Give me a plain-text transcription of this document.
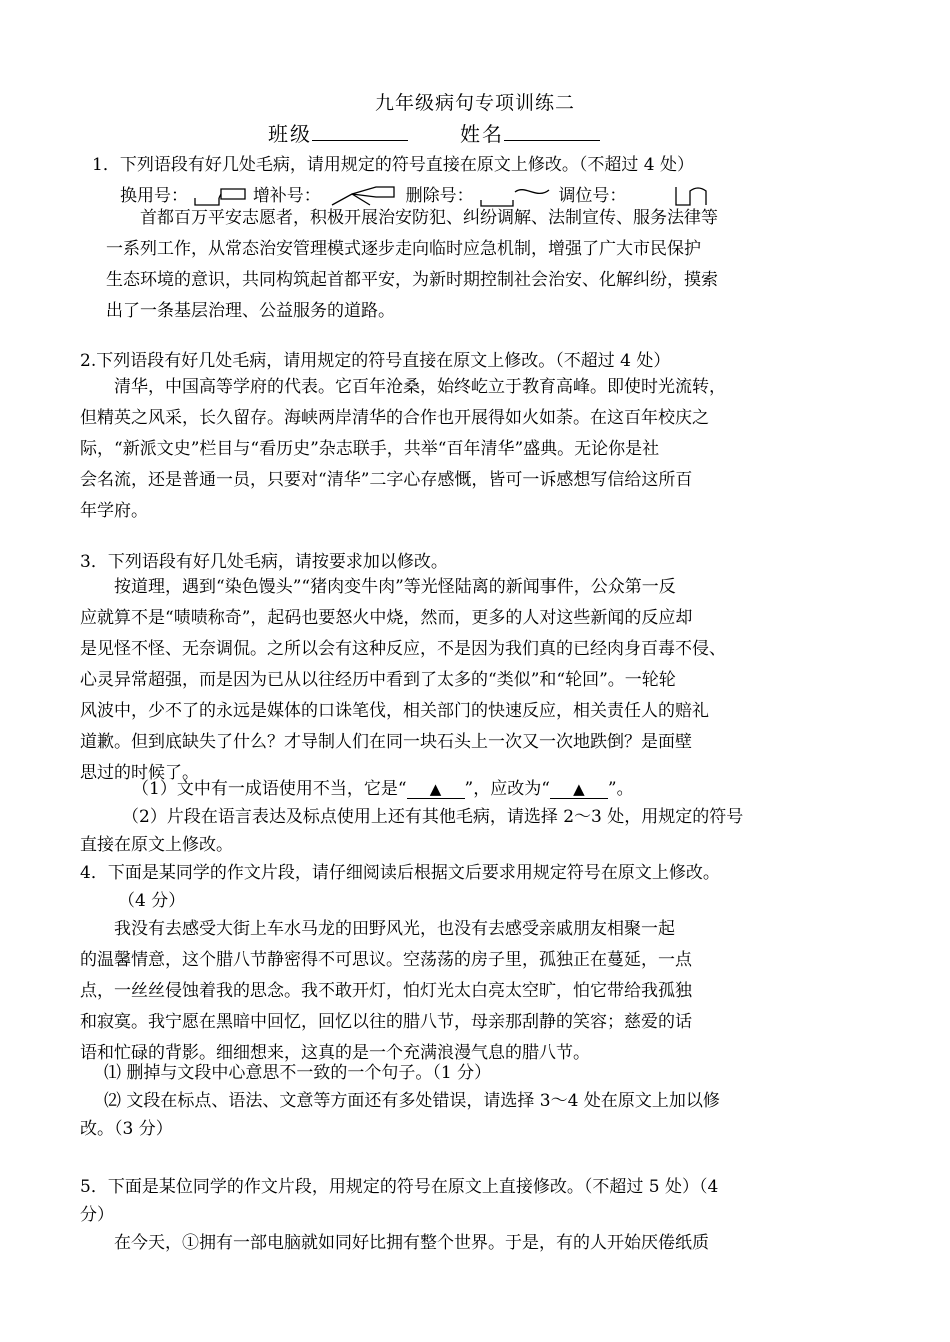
九年级病句专项训练二
班级	姓名
1．下列语段有好几处毛病，请用规定的符号直接在原文上修改。（不超过 4 处）
换用号：	增补号：	删除号：	调位号：
首都百万平安志愿者，积极开展治安防犯、纠纷调解、法制宣传、服务法律等
一系列工作，从常态治安管理模式逐步走向临时应急机制，增强了广大市民保护
生态环境的意识，共同构筑起首都平安，为新时期控制社会治安、化解纠纷，摸索
出了一条基层治理、公益服务的道路。
2.下列语段有好几处毛病，请用规定的符号直接在原文上修改。（不超过 4 处）
清华，中国高等学府的代表。它百年沧桑，始终屹立于教育高峰。即使时光流转，
但精英之风采，长久留存。海峡两岸清华的合作也开展得如火如荼。在这百年校庆之
际，“新派文史”栏目与“看历史”杂志联手，共举“百年清华”盛典。无论你是社
会名流，还是普通一员，只要对“清华”二字心存感慨，皆可一诉感想写信给这所百
年学府。
3．下列语段有好几处毛病，请按要求加以修改。
按道理，遇到“染色馒头”“猪肉变牛肉”等光怪陆离的新闻事件，公众第一反
应就算不是“啧啧称奇”，起码也要怒火中烧，然而，更多的人对这些新闻的反应却
是见怪不怪、无奈调侃。之所以会有这种反应，不是因为我们真的已经肉身百毒不侵、
心灵异常超强，而是因为已从以往经历中看到了太多的“类似”和“轮回”。一轮轮
风波中，少不了的永远是媒体的口诛笔伐，相关部门的快速反应，相关责任人的赔礼
道歉。但到底缺失了什么？才导制人们在同一块石头上一次又一次地跌倒？是面壁
思过的时候了。
（1）文中有一成语使用不当，它是“ ▲ ”，应改为“ ▲ ”。
（2）片段在语言表达及标点使用上还有其他毛病，请选择 2～3 处，用规定的符号
直接在原文上修改。
4．下面是某同学的作文片段，请仔细阅读后根据文后要求用规定符号在原文上修改。
（4 分）
我没有去感受大街上车水马龙的田野风光，也没有去感受亲戚朋友相聚一起
的温馨情意，这个腊八节静密得不可思议。空荡荡的房子里，孤独正在蔓延，一点
点，一丝丝侵蚀着我的思念。我不敢开灯，怕灯光太白亮太空旷，怕它带给我孤独
和寂寞。我宁愿在黑暗中回忆，回忆以往的腊八节，母亲那刮静的笑容；慈爱的话
语和忙碌的背影。细细想来，这真的是一个充满浪漫气息的腊八节。
⑴ 删掉与文段中心意思不一致的一个句子。（1 分）
⑵ 文段在标点、语法、文意等方面还有多处错误，请选择 3～4 处在原文上加以修
改。（3 分）
5．下面是某位同学的作文片段，用规定的符号在原文上直接修改。（不超过 5 处）（4
分）
在今天，①拥有一部电脑就如同好比拥有整个世界。于是，有的人开始厌倦纸质
